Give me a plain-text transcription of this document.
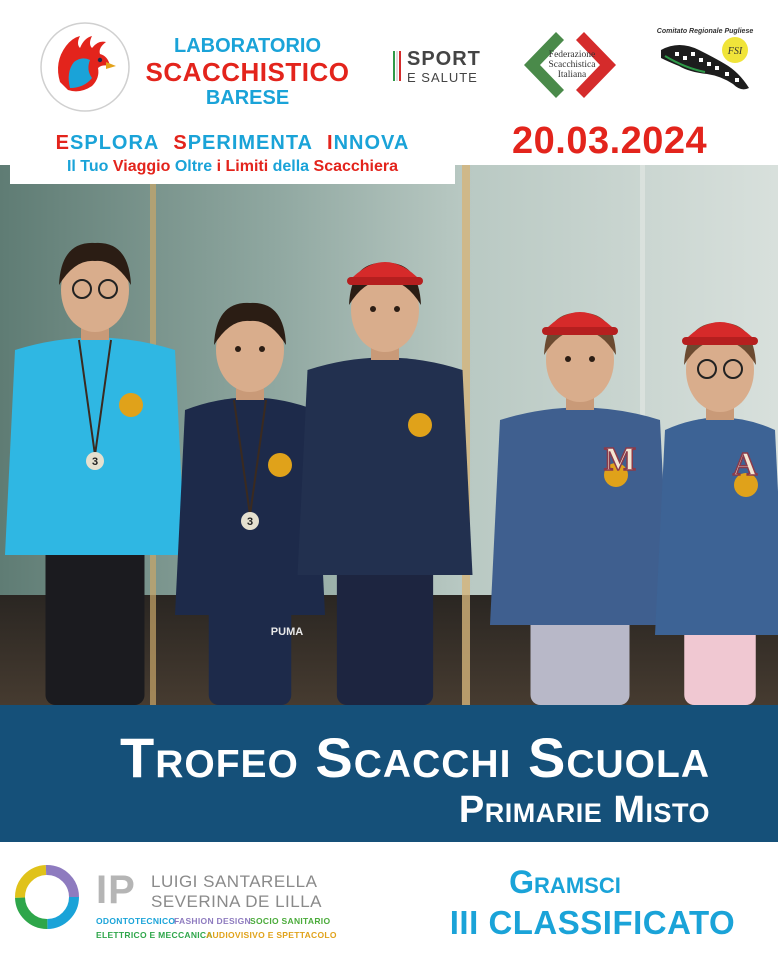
LABORATORIO
SCACCHISTICO
BARESE
SPORT
E SALUTE
Federazione
Scacchistica
Italiana
Comitato Regionale Pugliese
FSI
20.03.2024
ESPLORA SPERIMENTA INNOVA
Il Tuo Viaggio Oltre i Limiti della Scacchiera
3
3
M	A
PUMA
Trofeo Scacchi Scuola
Primarie Misto
IP LUIGI SANTARELLA
SEVERINA DE LILLA
ODONTOTECNICO
FASHION DESIGN SOCIO SANITARIO
ELETTRICO E MECCANICA
AUDIOVISIVO E SPETTACOLO
Gramsci
III CLASSIFICATO
